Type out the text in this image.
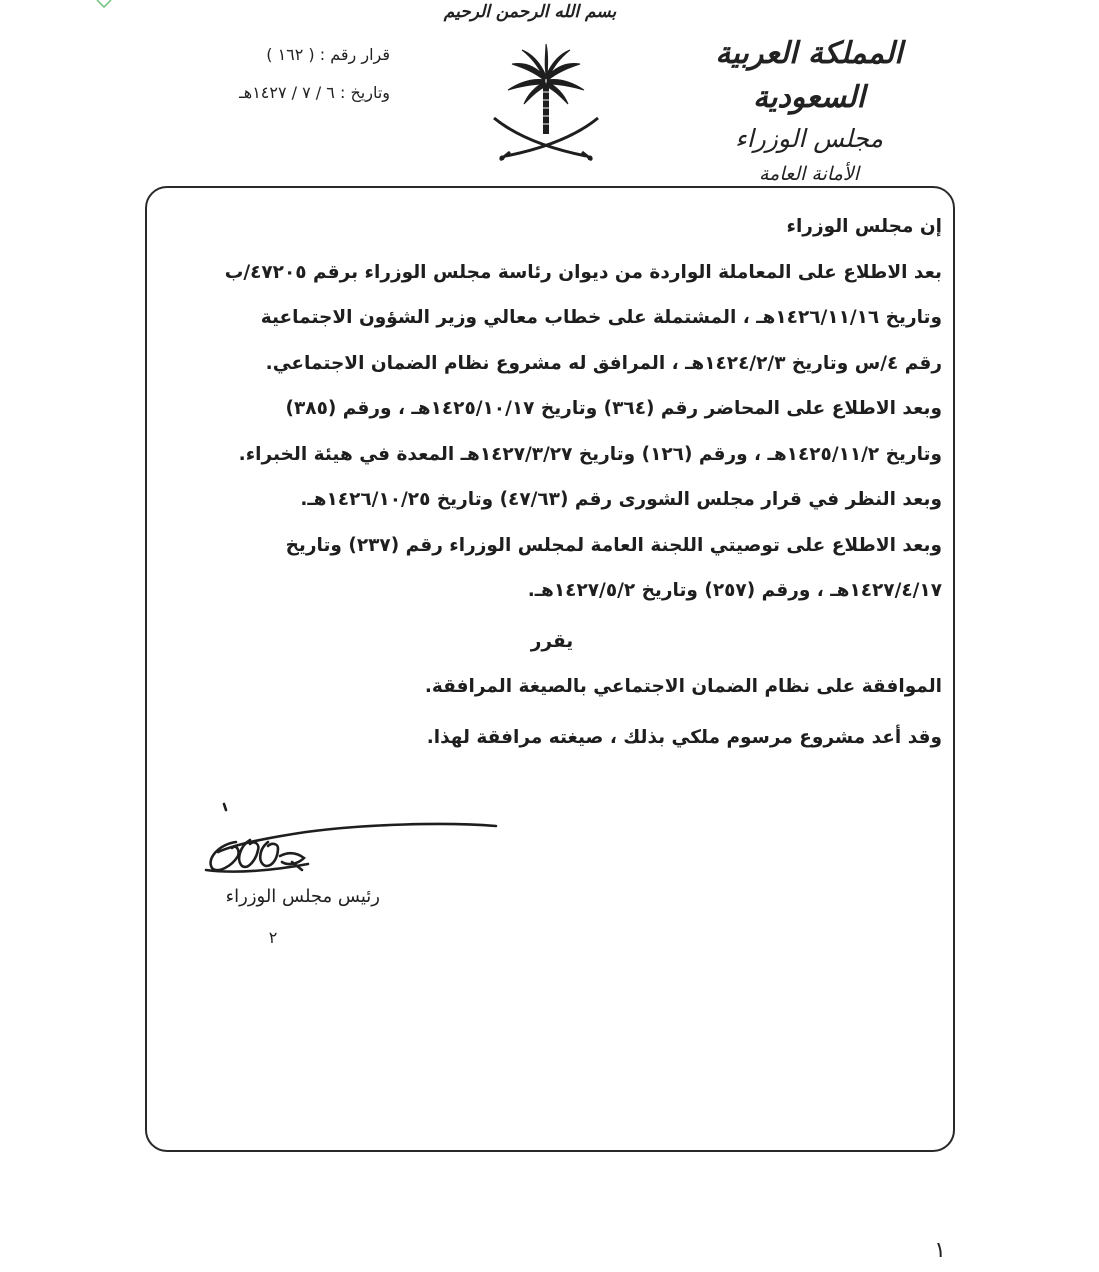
بسم الله الرحمن الرحيم
المملكة العربية السعودية
مجلس الوزراء
الأمانة العامة
قرار رقم : ( ١٦٢ )
وتاريخ : ٦ / ٧ / ١٤٢٧هـ
إن مجلس الوزراء
بعد الاطلاع على المعاملة الواردة من ديوان رئاسة مجلس الوزراء برقم ٤٧٢٠٥/ب
وتاريخ ١٤٢٦/١١/١٦هـ ، المشتملة على خطاب معالي وزير الشؤون الاجتماعية
رقم ٤/س وتاريخ ١٤٢٤/٢/٣هـ ، المرافق له مشروع نظام الضمان الاجتماعي.
وبعد الاطلاع على المحاضر رقم (٣٦٤) وتاريخ ١٤٢٥/١٠/١٧هـ ، ورقم (٣٨٥)
وتاريخ ١٤٢٥/١١/٢هـ ، ورقم (١٢٦) وتاريخ ١٤٢٧/٣/٢٧هـ المعدة في هيئة الخبراء.
وبعد النظر في قرار مجلس الشورى رقم (٤٧/٦٣) وتاريخ ١٤٢٦/١٠/٢٥هـ.
وبعد الاطلاع على توصيتي اللجنة العامة لمجلس الوزراء رقم (٢٣٧) وتاريخ
١٤٢٧/٤/١٧هـ ، ورقم (٢٥٧) وتاريخ ١٤٢٧/٥/٢هـ.
يقرر
الموافقة على نظام الضمان الاجتماعي بالصيغة المرافقة.
وقد أعد مشروع مرسوم ملكي بذلك ، صيغته مرافقة لهذا.
رئيس مجلس الوزراء
٢
١
